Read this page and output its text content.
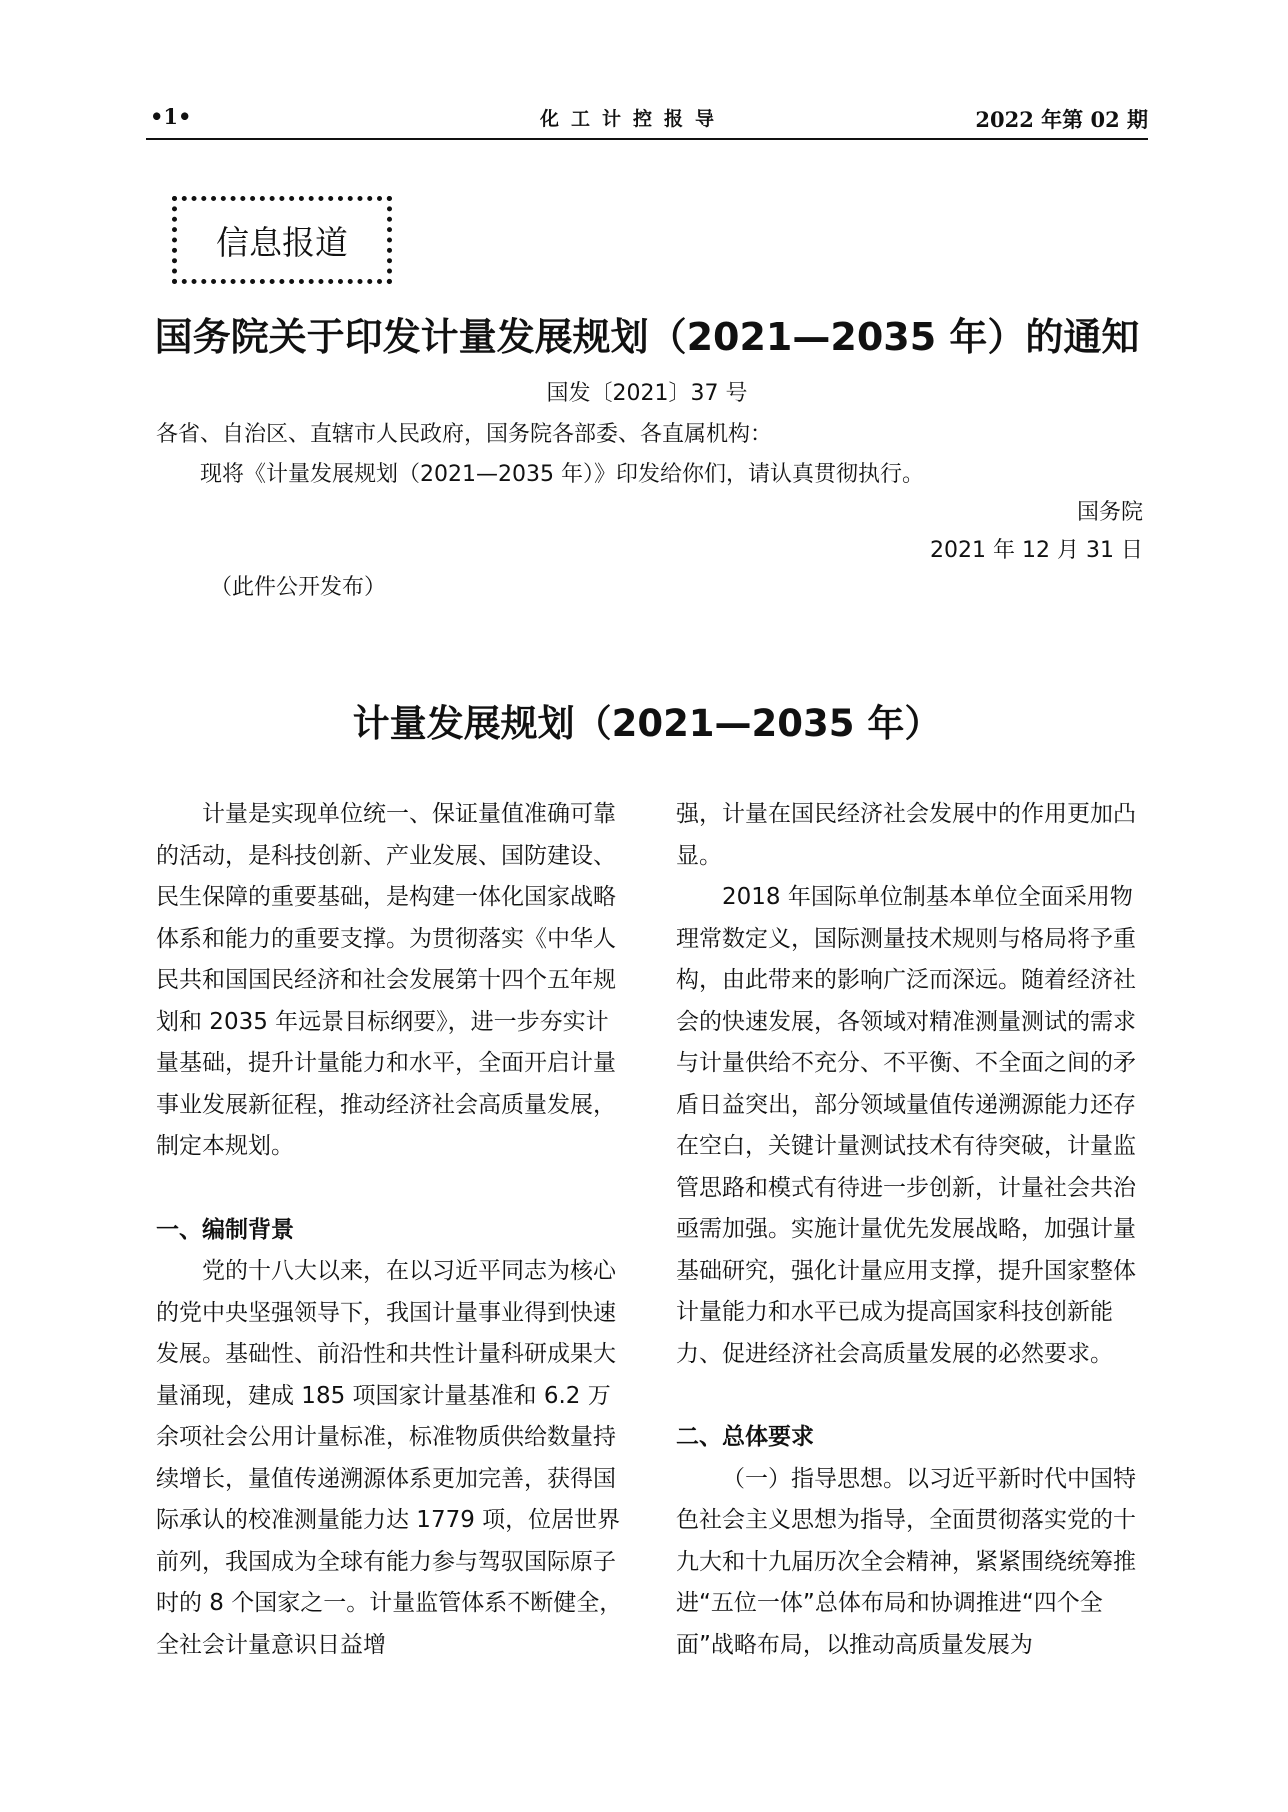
•1•	化工计控报导	2022 年第 02 期
信息报道
国务院关于印发计量发展规划（2021—2035 年）的通知
国发〔2021〕37 号
各省、自治区、直辖市人民政府，国务院各部委、各直属机构：
现将《计量发展规划（2021—2035 年）》印发给你们，请认真贯彻执行。
国务院
2021 年 12 月 31 日
（此件公开发布）
计量发展规划（2021—2035 年）

计量是实现单位统一、保证量值准确可靠的活动，是科技创新、产业发展、国防建设、民生保障的重要基础，是构建一体化国家战略体系和能力的重要支撑。为贯彻落实《中华人民共和国国民经济和社会发展第十四个五年规划和 2035 年远景目标纲要》，进一步夯实计量基础，提升计量能力和水平，全面开启计量事业发展新征程，推动经济社会高质量发展，制定本规划。

一、编制背景

党的十八大以来，在以习近平同志为核心的党中央坚强领导下，我国计量事业得到快速发展。基础性、前沿性和共性计量科研成果大量涌现，建成 185 项国家计量基准和 6.2 万余项社会公用计量标准，标准物质供给数量持续增长，量值传递溯源体系更加完善，获得国际承认的校准测量能力达 1779 项，位居世界前列，我国成为全球有能力参与驾驭国际原子时的 8 个国家之一。计量监管体系不断健全，全社会计量意识日益增

强，计量在国民经济社会发展中的作用更加凸显。

2018 年国际单位制基本单位全面采用物理常数定义，国际测量技术规则与格局将予重构，由此带来的影响广泛而深远。随着经济社会的快速发展，各领域对精准测量测试的需求与计量供给不充分、不平衡、不全面之间的矛盾日益突出，部分领域量值传递溯源能力还存在空白，关键计量测试技术有待突破，计量监管思路和模式有待进一步创新，计量社会共治亟需加强。实施计量优先发展战略，加强计量基础研究，强化计量应用支撑，提升国家整体计量能力和水平已成为提高国家科技创新能力、促进经济社会高质量发展的必然要求。

二、总体要求

（一）指导思想。以习近平新时代中国特色社会主义思想为指导，全面贯彻落实党的十九大和十九届历次全会精神，紧紧围绕统筹推进“五位一体”总体布局和协调推进“四个全面”战略布局，以推动高质量发展为
